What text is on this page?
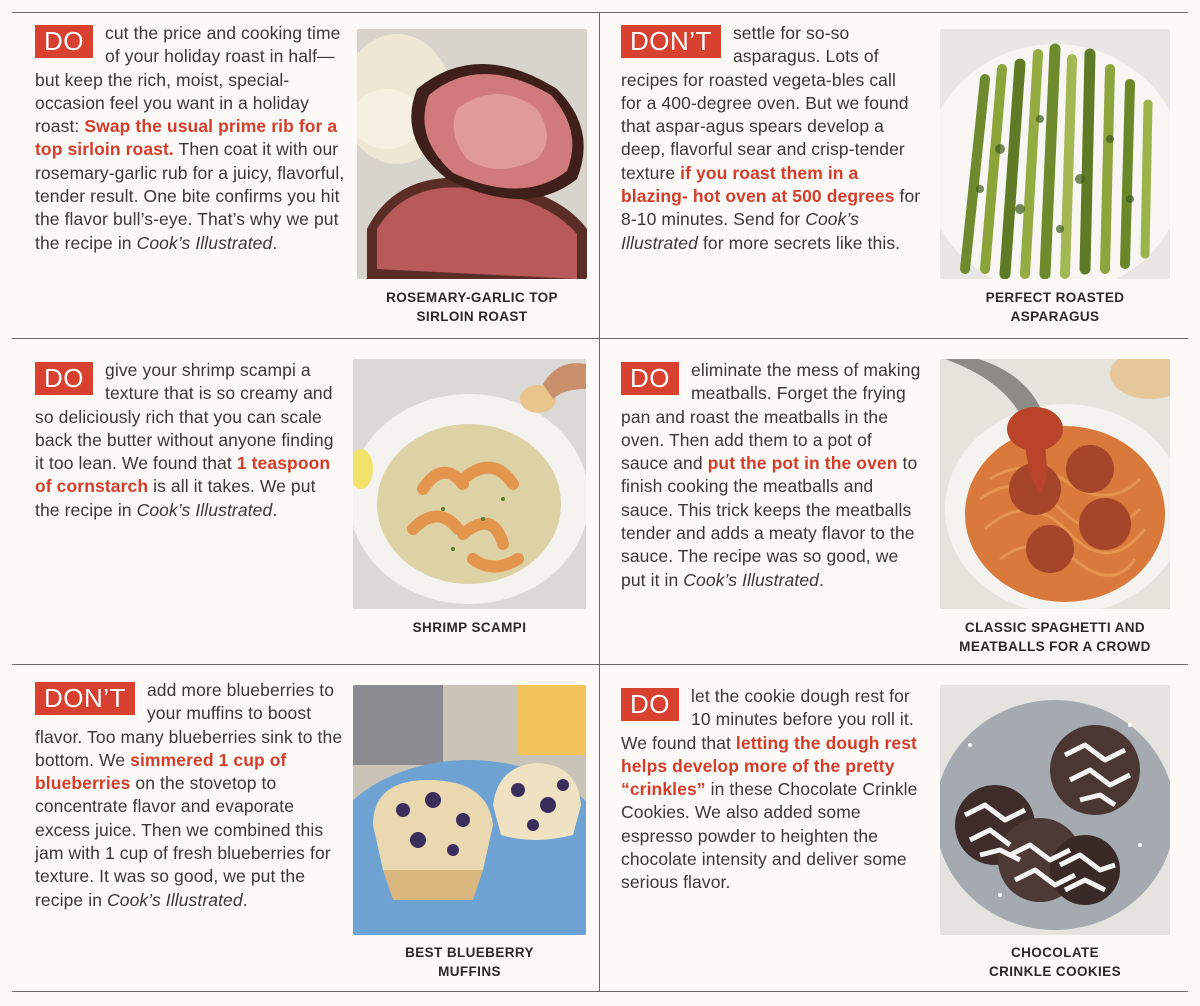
DO	cut the price and cooking time of your holiday roast in half—but keep the rich, moist, special-occasion feel you want in a holiday roast: Swap the usual prime rib for a top sirloin roast. Then coat it with our rosemary-garlic rub for a juicy, flavorful, tender result. One bite confirms you hit the flavor bull’s-eye. That’s why we put the recipe in Cook’s Illustrated.
ROSEMARY-GARLIC TOP
SIRLOIN ROAST
DON’T	settle for so-so asparagus. Lots of recipes for roasted vegeta-bles call for a 400-degree oven. But we found that aspar-agus spears develop a deep, flavorful sear and crisp-tender texture if you roast them in a blazing- hot oven at 500 degrees for 8-10 minutes. Send for Cook’s Illustrated for more secrets like this.
PERFECT ROASTED
ASPARAGUS
DO	give your shrimp scampi a texture that is so creamy and so deliciously rich that you can scale back the butter without anyone finding it too lean. We found that 1 teaspoon of cornstarch is all it takes. We put the recipe in Cook’s Illustrated.
SHRIMP SCAMPI
DO	eliminate the mess of making meatballs. Forget the frying pan and roast the meatballs in the oven. Then add them to a pot of sauce and put the pot in the oven to finish cooking the meatballs and sauce. This trick keeps the meatballs tender and adds a meaty flavor to the sauce. The recipe was so good, we put it in Cook’s Illustrated.
CLASSIC SPAGHETTI AND
MEATBALLS FOR A CROWD
DON’T	add more blueberries to your muffins to boost flavor. Too many blueberries sink to the bottom. We simmered 1 cup of blueberries on the stovetop to concentrate flavor and evaporate excess juice. Then we combined this jam with 1 cup of fresh blueberries for texture. It was so good, we put the recipe in Cook’s Illustrated.
BEST BLUEBERRY
MUFFINS
DO	let the cookie dough rest for 10 minutes before you roll it. We found that letting the dough rest helps develop more of the pretty “crinkles” in these Chocolate Crinkle Cookies. We also added some espresso powder to heighten the chocolate intensity and deliver some serious flavor.
CHOCOLATE
CRINKLE COOKIES
